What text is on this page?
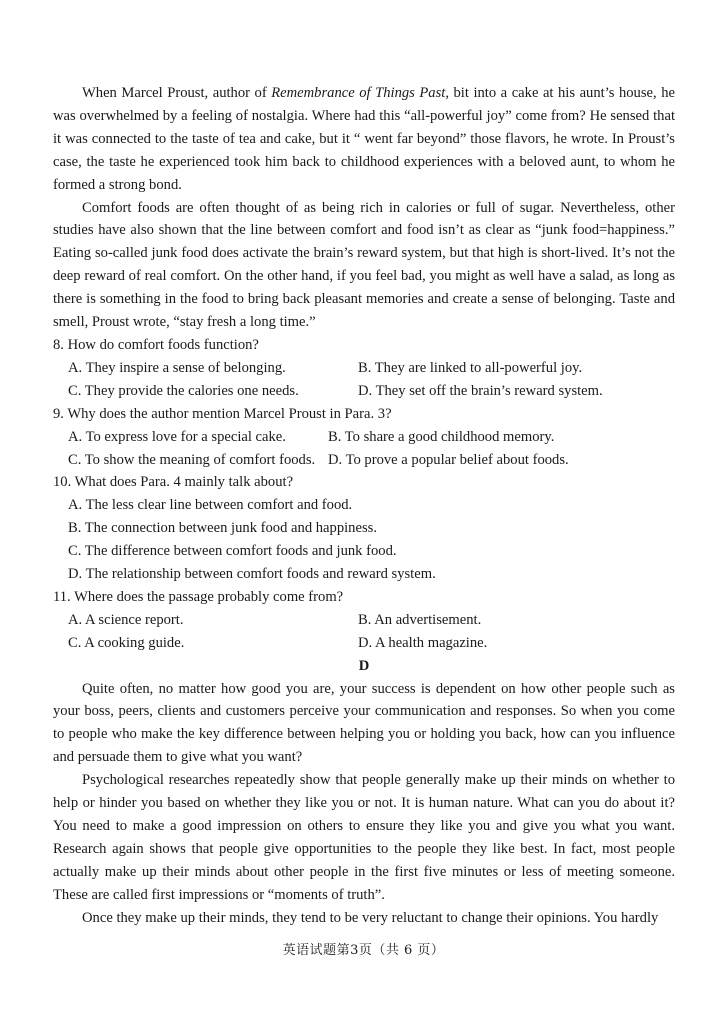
When Marcel Proust, author of Remembrance of Things Past, bit into a cake at his aunt’s house, he was overwhelmed by a feeling of nostalgia. Where had this “all-powerful joy” come from? He sensed that it was connected to the taste of tea and cake, but it “ went far beyond” those flavors, he wrote. In Proust’s case, the taste he experienced took him back to childhood experiences with a beloved aunt, to whom he formed a strong bond.

Comfort foods are often thought of as being rich in calories or full of sugar. Nevertheless, other studies have also shown that the line between comfort and food isn’t as clear as “junk food=happiness.” Eating so-called junk food does activate the brain’s reward system, but that high is short-lived. It’s not the deep reward of real comfort. On the other hand, if you feel bad, you might as well have a salad, as long as there is something in the food to bring back pleasant memories and create a sense of belonging. Taste and smell, Proust wrote, “stay fresh a long time.”

8. How do comfort foods function?

A. They inspire a sense of belonging.	B. They are linked to all-powerful joy.
C. They provide the calories one needs.	D. They set off the brain’s reward system.

9. Why does the author mention Marcel Proust in Para. 3?

A. To express love for a special cake.	B. To share a good childhood memory.
C. To show the meaning of comfort foods. D. To prove a popular belief about foods.

10. What does Para. 4 mainly talk about?

A. The less clear line between comfort and food.
B. The connection between junk food and happiness.
C. The difference between comfort foods and junk food.
D. The relationship between comfort foods and reward system.

11. Where does the passage probably come from?

A. A science report.	B. An advertisement.
C. A cooking guide.	D. A health magazine.

D

Quite often, no matter how good you are, your success is dependent on how other people such as your boss, peers, clients and customers perceive your communication and responses. So when you come to people who make the key difference between helping you or holding you back, how can you influence and persuade them to give what you want?

Psychological researches repeatedly show that people generally make up their minds on whether to help or hinder you based on whether they like you or not. It is human nature. What can you do about it? You need to make a good impression on others to ensure they like you and give you what you want. Research again shows that people give opportunities to the people they like best. In fact, most people actually make up their minds about other people in the first five minutes or less of meeting someone. These are called first impressions or “moments of truth”.

Once they make up their minds, they tend to be very reluctant to change their opinions. You hardly

英语试题第3页（共 6 页）
